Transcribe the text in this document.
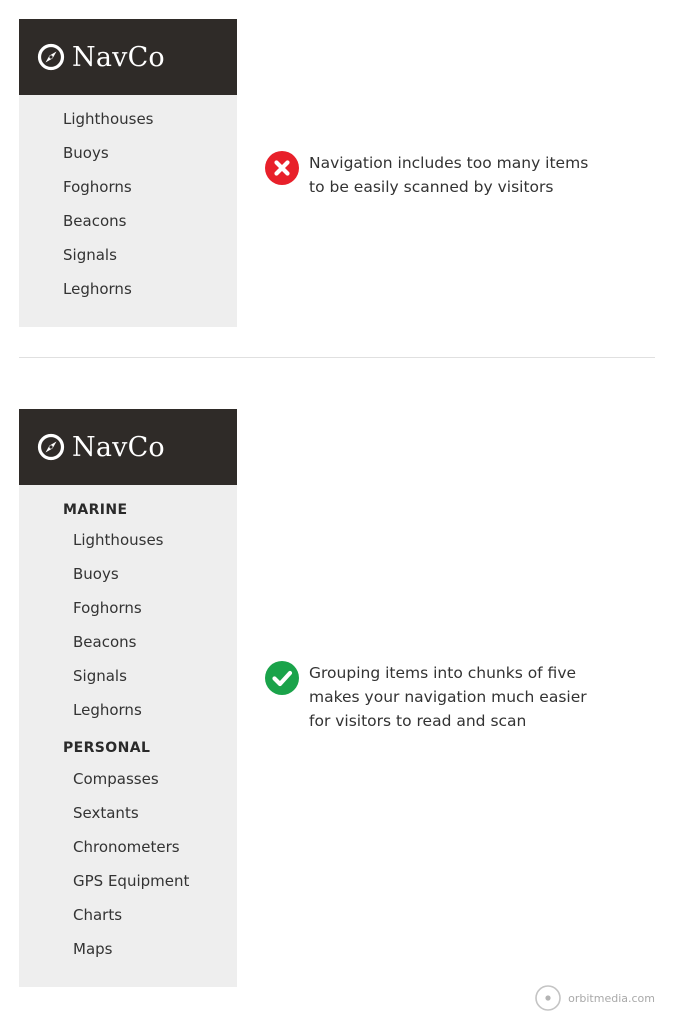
NavCo
Lighthouses
Buoys
Foghorns
Beacons
Signals
Leghorns
Navigation includes too many items
to be easily scanned by visitors
NavCo
MARINE
Lighthouses
Buoys
Foghorns
Beacons
Signals
Leghorns
PERSONAL
Compasses
Sextants
Chronometers
GPS Equipment
Charts
Maps
Grouping items into chunks of five
makes your navigation much easier
for visitors to read and scan
orbitmedia.com
